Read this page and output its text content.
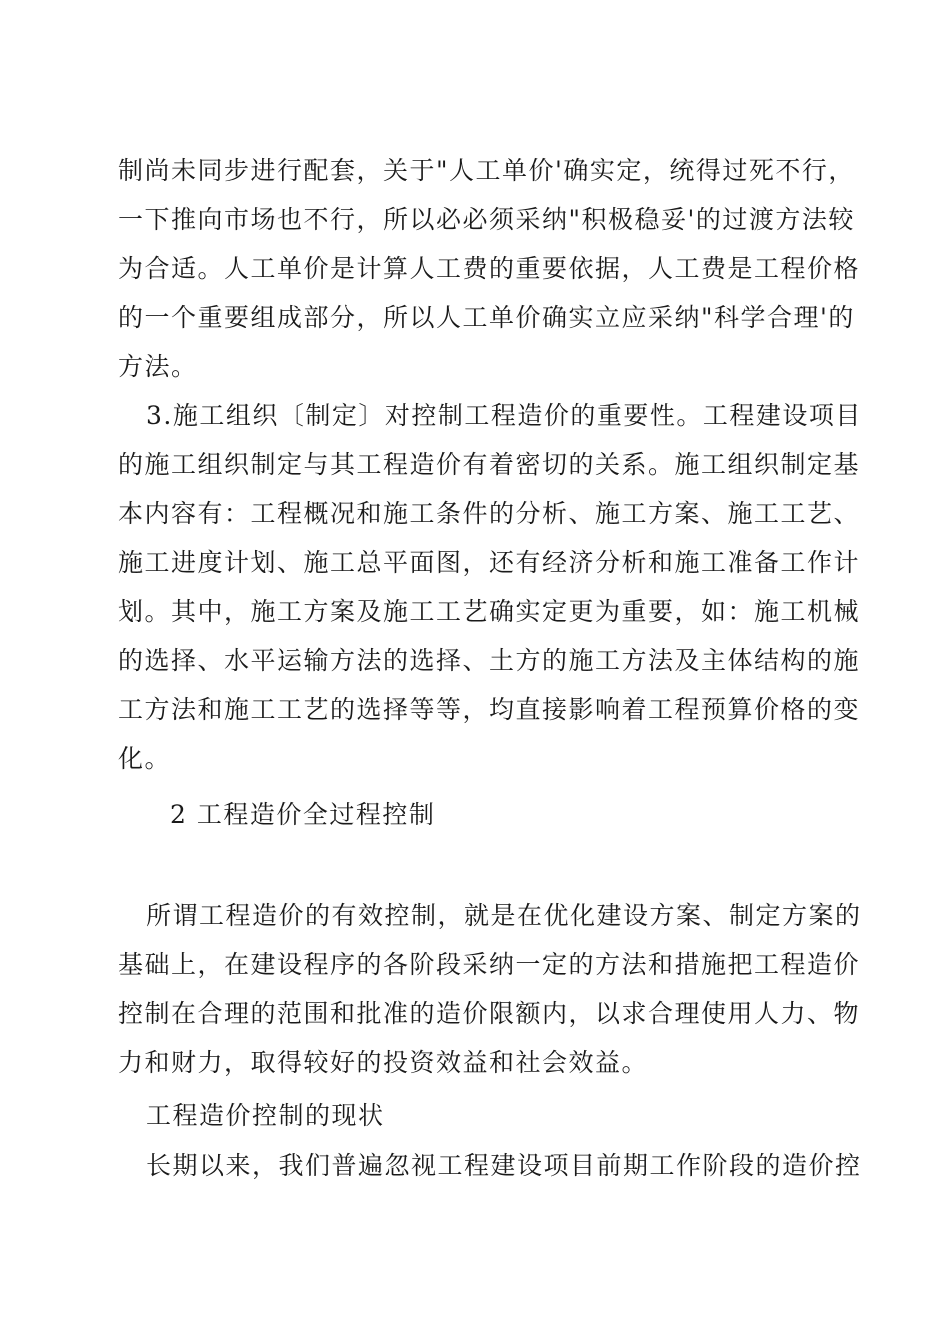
制尚未同步进行配套，关于"人工单价'确实定，统得过死不行，
一下推向市场也不行，所以必必须采纳"积极稳妥'的过渡方法较
为合适。人工单价是计算人工费的重要依据，人工费是工程价格
的一个重要组成部分，所以人工单价确实立应采纳"科学合理'的
方法。
3.施工组织〔制定〕对控制工程造价的重要性。工程建设项目
的施工组织制定与其工程造价有着密切的关系。施工组织制定基
本内容有：工程概况和施工条件的分析、施工方案、施工工艺、
施工进度计划、施工总平面图，还有经济分析和施工准备工作计
划。其中，施工方案及施工工艺确实定更为重要，如：施工机械
的选择、水平运输方法的选择、土方的施工方法及主体结构的施
工方法和施工工艺的选择等等，均直接影响着工程预算价格的变
化。
2 工程造价全过程控制
所谓工程造价的有效控制，就是在优化建设方案、制定方案的
基础上，在建设程序的各阶段采纳一定的方法和措施把工程造价
控制在合理的范围和批准的造价限额内，以求合理使用人力、物
力和财力，取得较好的投资效益和社会效益。
工程造价控制的现状
长期以来，我们普遍忽视工程建设项目前期工作阶段的造价控
